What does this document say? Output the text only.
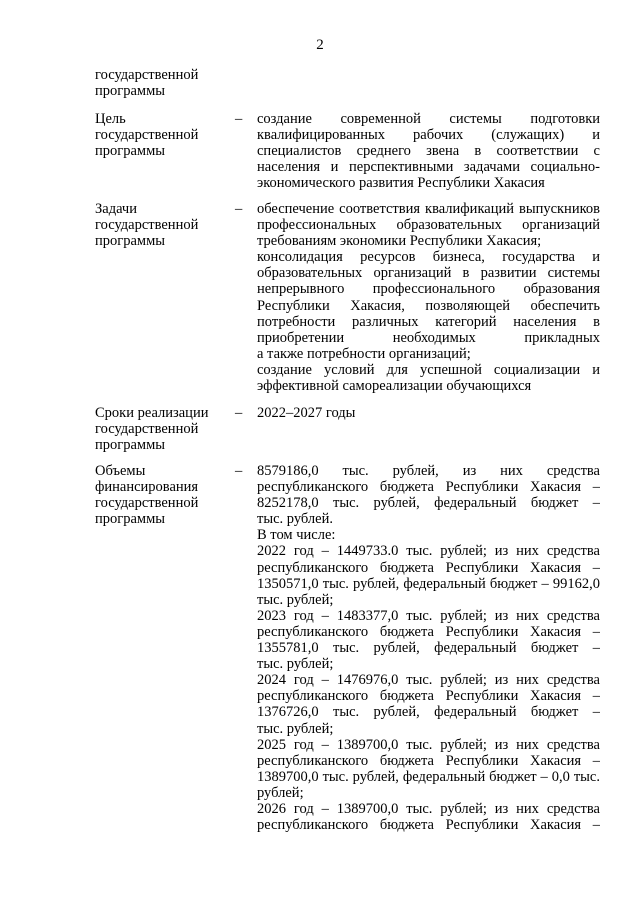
2
государственной
программы
Цель
государственной
программы
–	создание современной системы подготовки
квалифицированных рабочих (служащих) и
специалистов среднего звена в соответствии с
населения и перспективными задачами социально-
экономического развития Республики Хакасия
Задачи
государственной
программы
–	обеспечение соответствия квалификаций выпускников
профессиональных образовательных организаций
требованиям экономики Республики Хакасия;
консолидация ресурсов бизнеса, государства и
образовательных организаций в развитии системы
непрерывного профессионального образования
Республики Хакасия, позволяющей обеспечить
потребности различных категорий населения в
приобретении необходимых прикладных
а также потребности организаций;
создание условий для успешной социализации и
эффективной самореализации обучающихся
Сроки реализации
государственной
программы
–	2022–2027 годы
Объемы
финансирования
государственной
программы
–	8579186,0 тыс. рублей, из них средства
республиканского бюджета Республики Хакасия –
8252178,0 тыс. рублей, федеральный бюджет –
тыс. рублей.
В том числе:
2022 год – 1449733.0 тыс. рублей; из них средства
республиканского бюджета Республики Хакасия –
1350571,0 тыс. рублей, федеральный бюджет – 99162,0
тыс. рублей;
2023 год – 1483377,0 тыс. рублей; из них средства
республиканского бюджета Республики Хакасия –
1355781,0 тыс. рублей, федеральный бюджет –
тыс. рублей;
2024 год – 1476976,0 тыс. рублей; из них средства
республиканского бюджета Республики Хакасия –
1376726,0 тыс. рублей, федеральный бюджет –
тыс. рублей;
2025 год – 1389700,0 тыс. рублей; из них средства
республиканского бюджета Республики Хакасия –
1389700,0 тыс. рублей, федеральный бюджет – 0,0 тыс.
рублей;
2026 год – 1389700,0 тыс. рублей; из них средства
республиканского бюджета Республики Хакасия –
